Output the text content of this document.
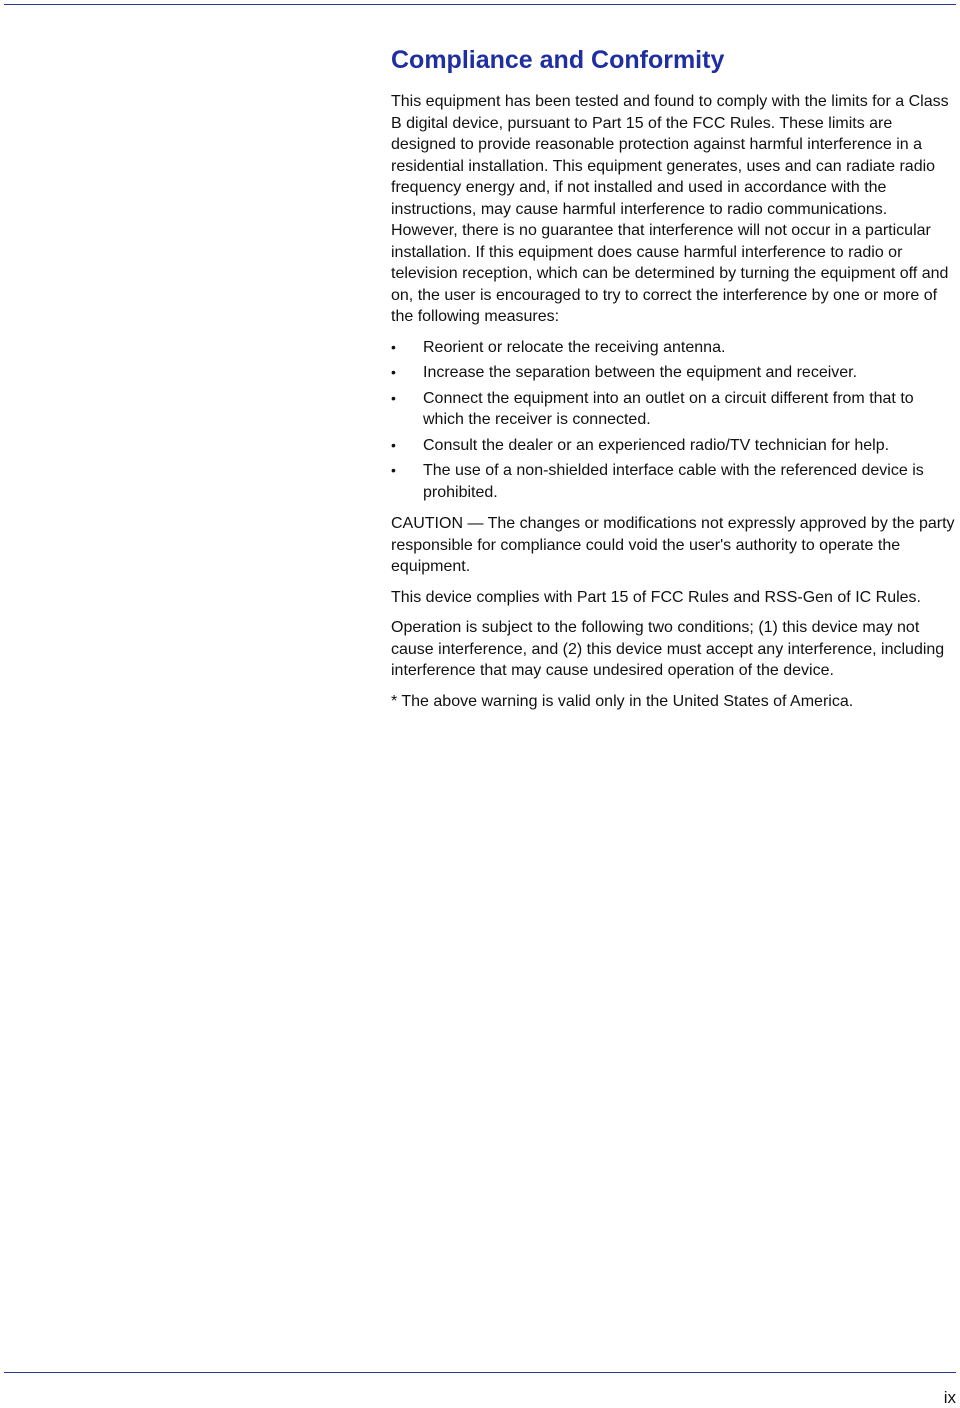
Compliance and Conformity

This equipment has been tested and found to comply with the limits for a Class B digital device, pursuant to Part 15 of the FCC Rules. These limits are designed to provide reasonable protection against harmful interference in a residential installation. This equipment generates, uses and can radiate radio frequency energy and, if not installed and used in accordance with the instructions, may cause harmful interference to radio communications. However, there is no guarantee that interference will not occur in a particular installation. If this equipment does cause harmful interference to radio or television reception, which can be determined by turning the equipment off and on, the user is encouraged to try to correct the interference by one or more of the following measures:

• Reorient or relocate the receiving antenna.
• Increase the separation between the equipment and receiver.
• Connect the equipment into an outlet on a circuit different from that to which the receiver is connected.
• Consult the dealer or an experienced radio/TV technician for help.
• The use of a non-shielded interface cable with the referenced device is prohibited.

CAUTION — The changes or modifications not expressly approved by the party responsible for compliance could void the user's authority to operate the equipment.

This device complies with Part 15 of FCC Rules and RSS-Gen of IC Rules.

Operation is subject to the following two conditions; (1) this device may not cause interference, and (2) this device must accept any interference, including interference that may cause undesired operation of the device.

* The above warning is valid only in the United States of America.

ix
